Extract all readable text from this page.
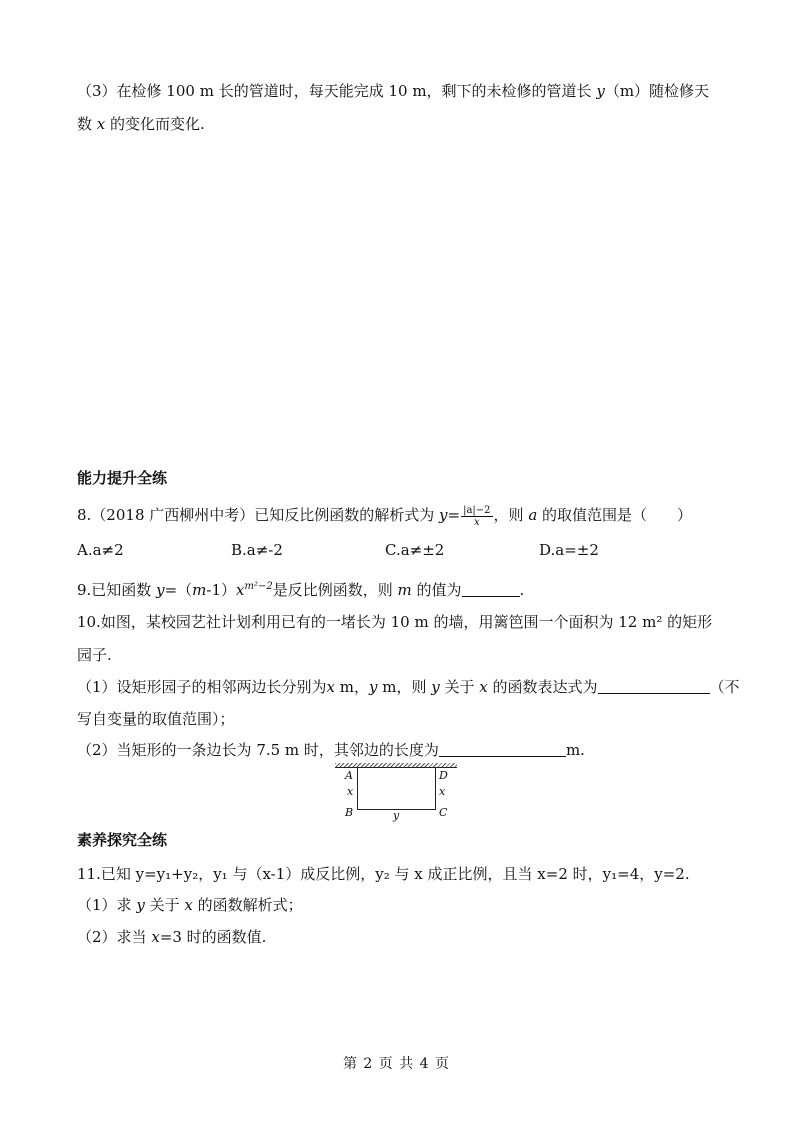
（3）在检修 100 m 长的管道时，每天能完成 10 m，剩下的未检修的管道长 y（m）随检修天
数 x 的变化而变化.
能力提升全练
8.（2018 广西柳州中考）已知反比例函数的解析式为 $y= \frac{|a|-2}{x}$ ，则 a 的取值范围是（　　）
A.a≠2	B.a≠-2	C.a≠±2	D.a=±2
9.已知函数 $y=(m-1)x^{m^2-2}$是反比例函数，则 m 的值为	.
10.如图，某校园艺社计划利用已有的一堵长为 10 m 的墙，用篱笆围一个面积为 12 m² 的矩形
园子.
（1）设矩形园子的相邻两边长分别为x m，y m，则 y 关于 x 的函数表达式为	（不
写自变量的取值范围）；
（2）当矩形的一条边长为 7.5 m 时，其邻边的长度为	m.
A	D
x	x
B	C
y
素养探究全练
11.已知 y=y₁+y₂，y₁ 与（x-1）成反比例，y₂ 与 x 成正比例，且当 x=2 时，y₁=4，y=2.
（1）求 y 关于 x 的函数解析式；
（2）求当 x=3 时的函数值.
第 2 页 共 4 页
